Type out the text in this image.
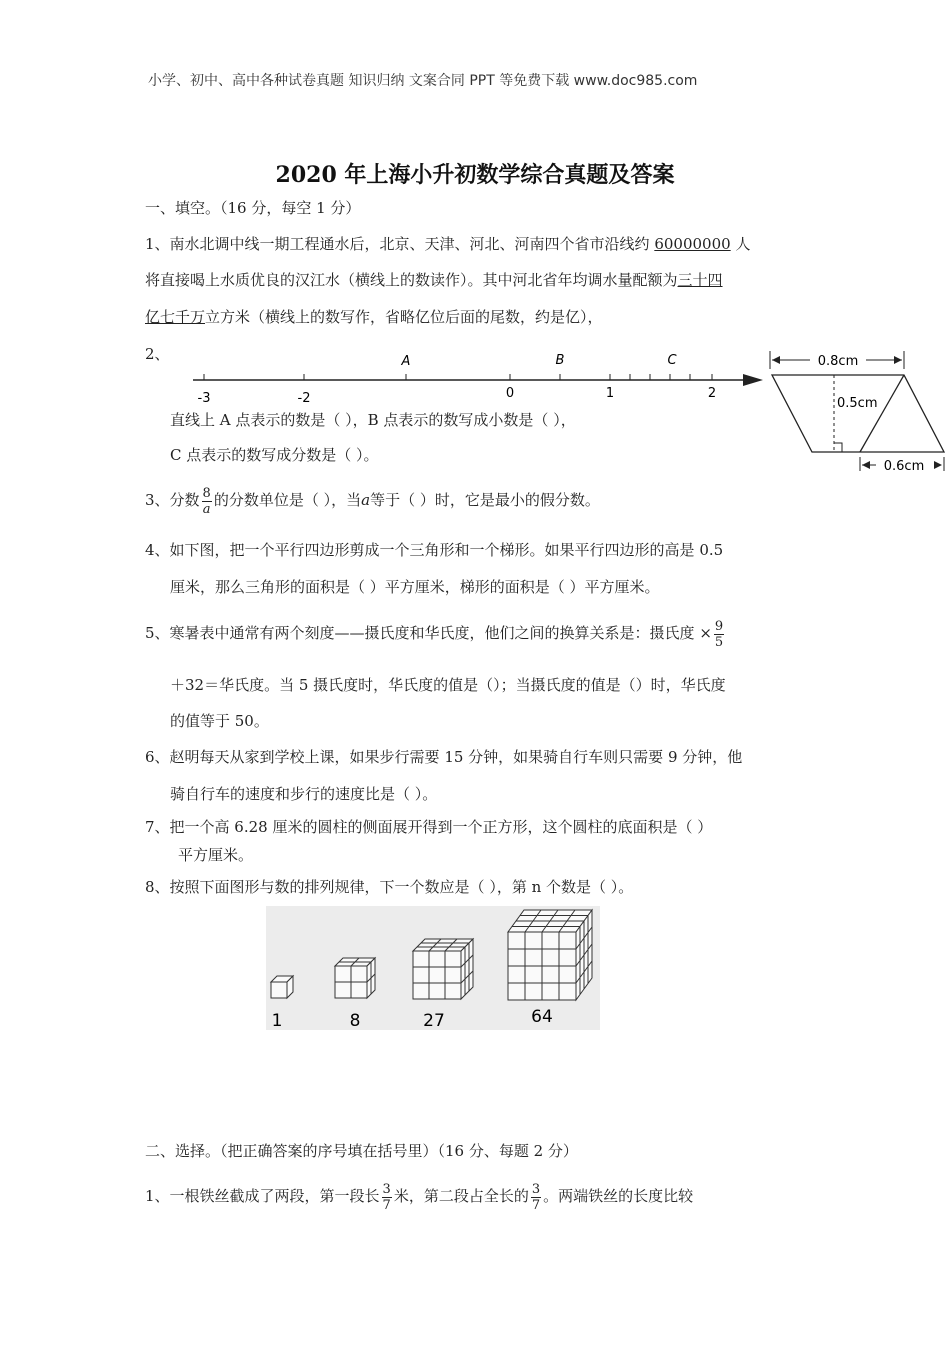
小学、初中、高中各种试卷真题 知识归纳 文案合同 PPT 等免费下载 www.doc985.com
2020 年上海小升初数学综合真题及答案
一、填空。（16 分，每空 1 分）
1、南水北调中线一期工程通水后，北京、天津、河北、河南四个省市沿线约 60000000 人
将直接喝上水质优良的汉江水（横线上的数读作）。其中河北省年均调水量配额为三十四
亿七千万立方米（横线上的数写作，省略亿位后面的尾数，约是亿），
2、
-3	-2	0	1	2
A	B	C	0.8cm
0.5cm
0.6cm
直线上 A 点表示的数是（ ），B 点表示的数写成小数是（ ），
C 点表示的数写成分数是（ ）。
3、分数 $\frac{8}{a}$ 的分数单位是（ ），当a等于（ ）时，它是最小的假分数。
4、如下图，把一个平行四边形剪成一个三角形和一个梯形。如果平行四边形的高是 0.5
厘米，那么三角形的面积是（ ）平方厘米，梯形的面积是（ ）平方厘米。
5、寒暑表中通常有两个刻度——摄氏度和华氏度，他们之间的换算关系是：摄氏度 × $\frac{9}{5}$
＋32＝华氏度。当 5 摄氏度时，华氏度的值是（）；当摄氏度的值是（）时，华氏度
的值等于 50。
6、赵明每天从家到学校上课，如果步行需要 15 分钟，如果骑自行车则只需要 9 分钟，他
骑自行车的速度和步行的速度比是（ ）。
7、把一个高 6.28 厘米的圆柱的侧面展开得到一个正方形，这个圆柱的底面积是（ ）
平方厘米。
8、按照下面图形与数的排列规律，下一个数应是（ ），第 n 个数是（ ）。
1	8	27	64
二、选择。（把正确答案的序号填在括号里）（16 分、每题 2 分）
1、一根铁丝截成了两段，第一段长 $\frac{3}{7}$ 米，第二段占全长的 $\frac{3}{7}$ 。两端铁丝的长度比较
